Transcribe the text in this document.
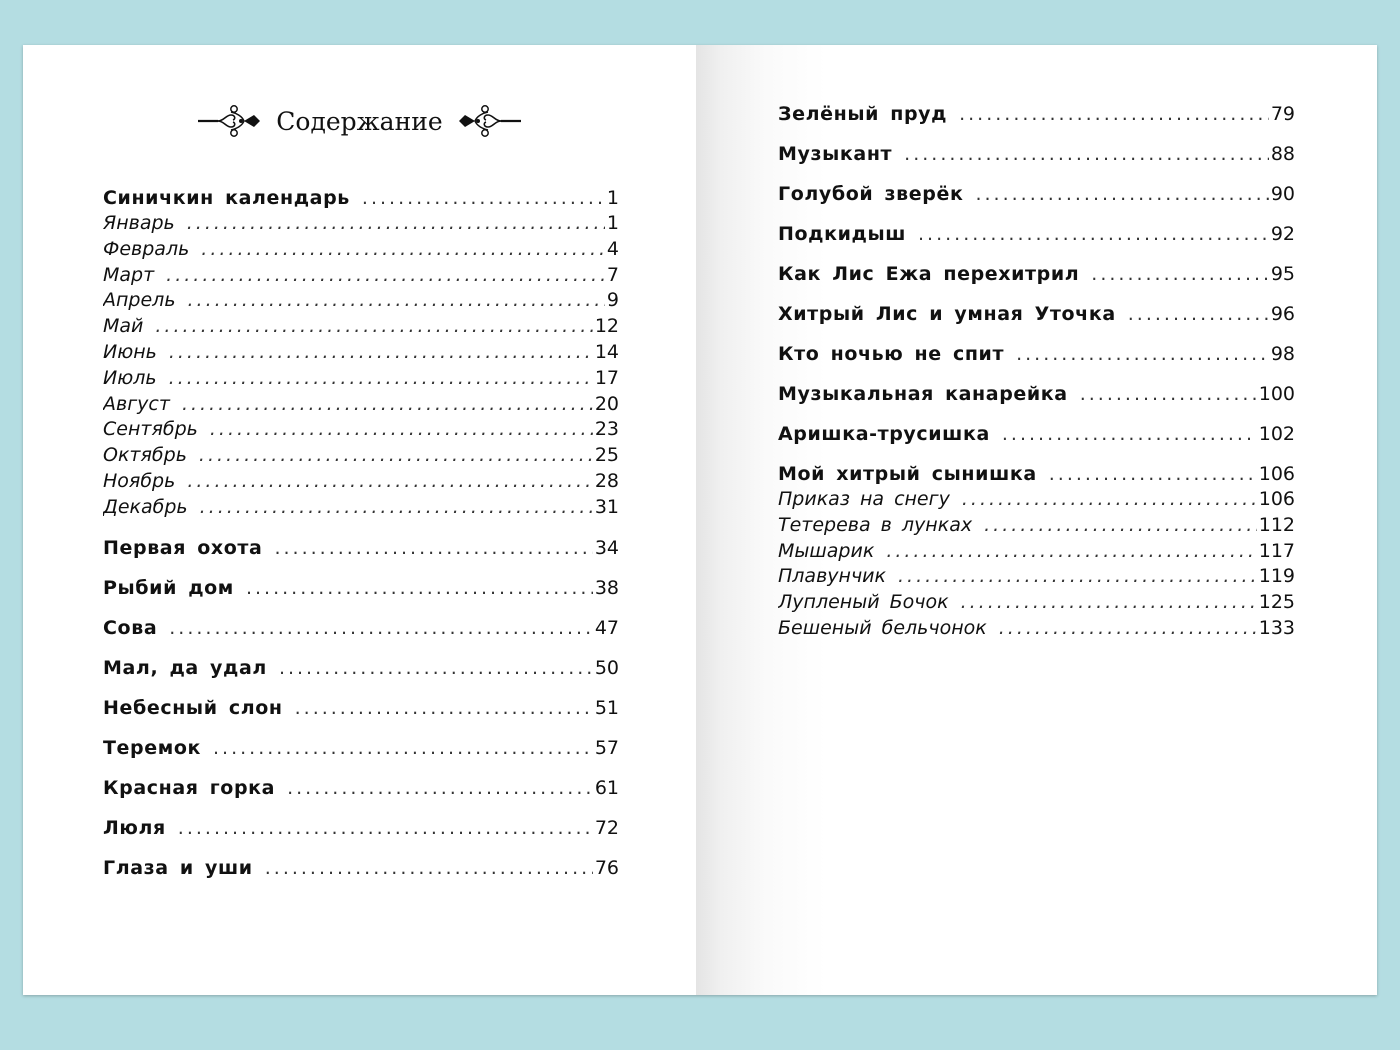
Содержание
Синичкин календарь .....	1
Январь .....	1
Февраль .....	4
Март .....	7
Апрель .....	9
Май .....	12
Июнь .....	14
Июль .....	17
Август .....	20
Сентябрь .....	23
Октябрь .....	25
Ноябрь .....	28
Декабрь .....	31
Первая охота .....	34
Рыбий дом .....	38
Сова .....	47
Мал, да удал .....	50
Небесный слон .....	51
Теремок .....	57
Красная горка .....	61
Люля .....	72
Глаза и уши .....	76
Зелёный пруд .....	79
Музыкант .....	88
Голубой зверёк .....	90
Подкидыш .....	92
Как Лис Ежа перехитрил .....	95
Хитрый Лис и умная Уточка .....	96
Кто ночью не спит .....	98
Музыкальная канарейка .....	100
Аришка-трусишка .....	102
Мой хитрый сынишка .....	106
Приказ на снегу .....	106
Тетерева в лунках .....	112
Мышарик .....	117
Плавунчик .....	119
Лупленый Бочок .....	125
Бешеный бельчонок .....	133
